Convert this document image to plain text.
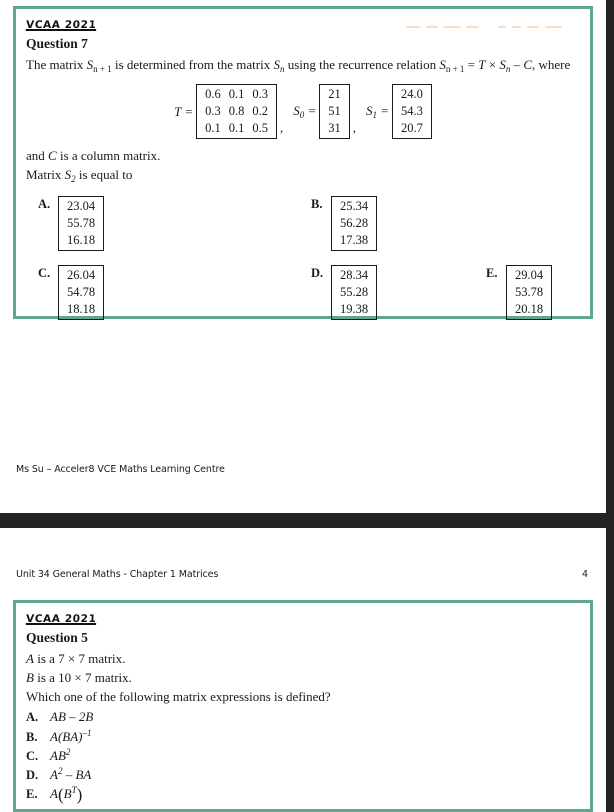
VCAA 2021
Question 7
The matrix $S_{n + 1}$ is determined from the matrix $S_n$ using the recurrence relation $S_{n + 1} = T \times S_n - C$, where
T =
0.6	0.1	0.3
0.3	0.8	0.2
0.1	0.1	0.5 ,
$S_0$ =
21
51
31 ,
$S_1$ =
24.0
54.3
20.7
and C is a column matrix.
Matrix $S_2$ is equal to
A.	23.04
55.78
16.18
B.	25.34
56.28
17.38
C.	26.04
54.78
18.18
D.	28.34
55.28
19.38
E.	29.04
53.78
20.18
Ms Su – Acceler8 VCE Maths Learning Centre
Unit 34 General Maths - Chapter 1 Matrices	4
VCAA 2021
Question 5
A is a 7 × 7 matrix.
B is a 10 × 7 matrix.
Which one of the following matrix expressions is defined?
A. AB – 2B
B. A(BA)$^{-1}$
C. $AB^2$
D. $A^2$ – BA
E. $A(B^T)$
